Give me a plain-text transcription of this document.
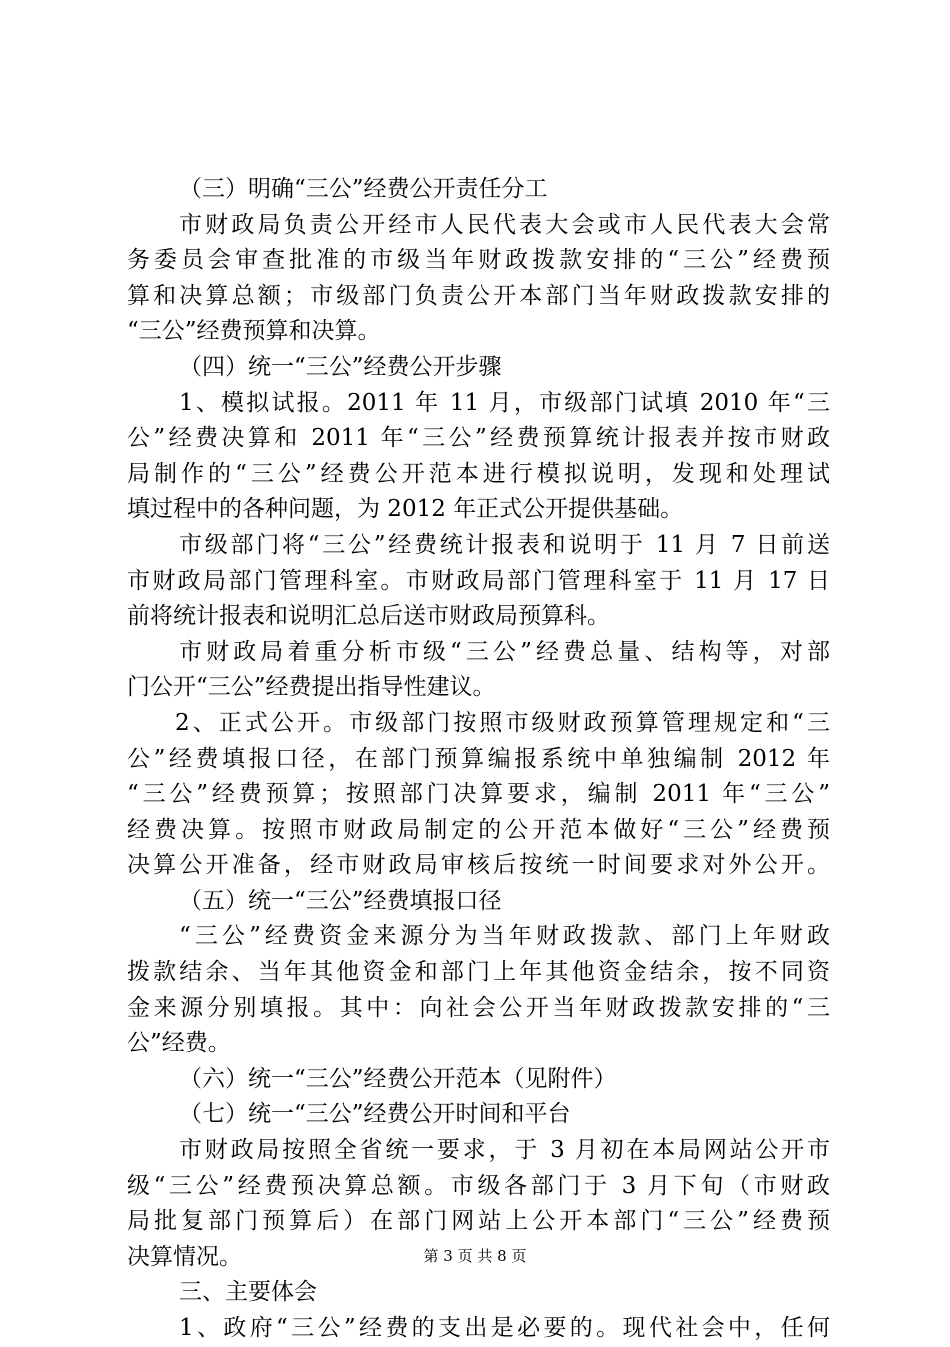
（三）明确“三公”经费公开责任分工
市财政局负责公开经市人民代表大会或市人民代表大会常
务委员会审查批准的市级当年财政拨款安排的“三公”经费预
算和决算总额；市级部门负责公开本部门当年财政拨款安排的
“三公”经费预算和决算。
（四）统一“三公”经费公开步骤
1、模拟试报。2011 年 11 月，市级部门试填 2010 年“三
公”经费决算和 2011 年“三公”经费预算统计报表并按市财政
局制作的“三公”经费公开范本进行模拟说明，发现和处理试
填过程中的各种问题，为 2012 年正式公开提供基础。
市级部门将“三公”经费统计报表和说明于 11 月 7 日前送
市财政局部门管理科室。市财政局部门管理科室于 11 月 17 日
前将统计报表和说明汇总后送市财政局预算科。
市财政局着重分析市级“三公”经费总量、结构等，对部
门公开“三公”经费提出指导性建议。
2、正式公开。市级部门按照市级财政预算管理规定和“三
公”经费填报口径，在部门预算编报系统中单独编制 2012 年
“三公”经费预算；按照部门决算要求，编制 2011 年“三公”
经费决算。按照市财政局制定的公开范本做好“三公”经费预
决算公开准备，经市财政局审核后按统一时间要求对外公开。
（五）统一“三公”经费填报口径
“三公”经费资金来源分为当年财政拨款、部门上年财政
拨款结余、当年其他资金和部门上年其他资金结余，按不同资
金来源分别填报。其中：向社会公开当年财政拨款安排的“三
公”经费。
（六）统一“三公”经费公开范本（见附件）
（七）统一“三公”经费公开时间和平台
市财政局按照全省统一要求，于 3 月初在本局网站公开市
级“三公”经费预决算总额。市级各部门于 3 月下旬（市财政
局批复部门预算后）在部门网站上公开本部门“三公”经费预
决算情况。
三、主要体会
1、政府“三公”经费的支出是必要的。现代社会中，任何
第 3 页 共 8 页
